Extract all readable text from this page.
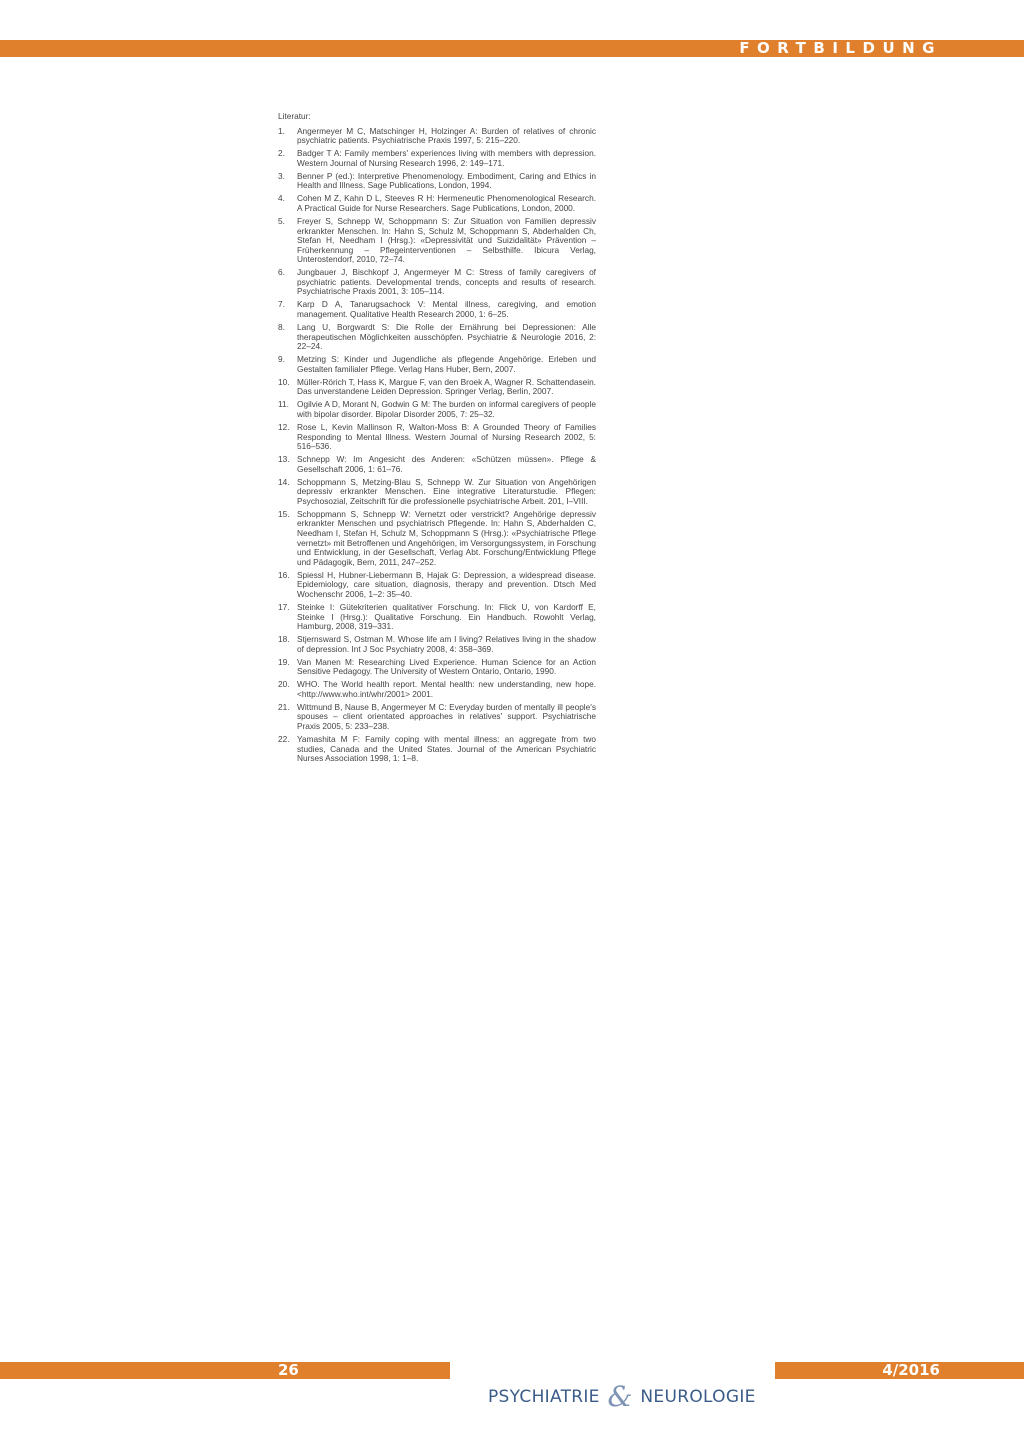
FORTBILDUNG
Literatur:
1.	Angermeyer M C, Matschinger H, Holzinger A: Burden of relatives of chronic psychiatric patients. Psychiatrische Praxis 1997, 5: 215–220.
2.	Badger T A: Family members' experiences living with members with depression. Western Journal of Nursing Research 1996, 2: 149–171.
3.	Benner P (ed.): Interpretive Phenomenology. Embodiment, Caring and Ethics in Health and Illness. Sage Publications, London, 1994.
4.	Cohen M Z, Kahn D L, Steeves R H: Hermeneutic Phenomenological Research. A Practical Guide for Nurse Researchers. Sage Publications, London, 2000.
5.	Freyer S, Schnepp W, Schoppmann S: Zur Situation von Familien depressiv erkrankter Menschen. In: Hahn S, Schulz M, Schoppmann S, Abderhalden Ch, Stefan H, Needham I (Hrsg.): «Depressivität und Suizidalität» Prävention – Früherkennung – Pflegeinterventionen – Selbsthilfe. Ibicura Verlag, Unterostendorf, 2010, 72–74.
6.	Jungbauer J, Bischkopf J, Angermeyer M C: Stress of family caregivers of psychiatric patients. Developmental trends, concepts and results of research. Psychiatrische Praxis 2001, 3: 105–114.
7.	Karp D A, Tanarugsachock V: Mental illness, caregiving, and emotion management. Qualitative Health Research 2000, 1: 6–25.
8.	Lang U, Borgwardt S: Die Rolle der Ernährung bei Depressionen: Alle therapeutischen Möglichkeiten ausschöpfen. Psychiatrie & Neurologie 2016, 2: 22–24.
9.	Metzing S: Kinder und Jugendliche als pflegende Angehörige. Erleben und Gestalten familialer Pflege. Verlag Hans Huber, Bern, 2007.
10. Müller-Rörich T, Hass K, Margue F, van den Broek A, Wagner R. Schattendasein. Das unverstandene Leiden Depression. Springer Verlag, Berlin, 2007.
11. Ogilvie A D, Morant N, Godwin G M: The burden on informal caregivers of people with bipolar disorder. Bipolar Disorder 2005, 7: 25–32.
12. Rose L, Kevin Mallinson R, Walton-Moss B: A Grounded Theory of Families Responding to Mental Illness. Western Journal of Nursing Research 2002, 5: 516–536.
13. Schnepp W: Im Angesicht des Anderen: «Schützen müssen». Pflege & Gesellschaft 2006, 1: 61–76.
14. Schoppmann S, Metzing-Blau S, Schnepp W. Zur Situation von Angehörigen depressiv erkrankter Menschen. Eine integrative Literaturstudie. Pflegen: Psychosozial, Zeitschrift für die professionelle psychiatrische Arbeit. 201, I–VIII.
15. Schoppmann S, Schnepp W: Vernetzt oder verstrickt? Angehörige depressiv erkrankter Menschen und psychiatrisch Pflegende. In: Hahn S, Abderhalden C, Needham I, Stefan H, Schulz M, Schoppmann S (Hrsg.): «Psychiatrische Pflege vernetzt» mit Betroffenen und Angehörigen, im Versorgungssystem, in Forschung und Entwicklung, in der Gesellschaft, Verlag Abt. Forschung/Entwicklung Pflege und Pädagogik, Bern, 2011, 247–252.
16. Spiessl H, Hubner-Liebermann B, Hajak G: Depression, a widespread disease. Epidemiology, care situation, diagnosis, therapy and prevention. Dtsch Med Wochenschr 2006, 1–2: 35–40.
17. Steinke I: Gütekriterien qualitativer Forschung. In: Flick U, von Kardorff E, Steinke I (Hrsg.): Qualitative Forschung. Ein Handbuch. Rowohlt Verlag, Hamburg, 2008, 319–331.
18. Stjernsward S, Ostman M. Whose life am I living? Relatives living in the shadow of depression. Int J Soc Psychiatry 2008, 4: 358–369.
19. Van Manen M: Researching Lived Experience. Human Science for an Action Sensitive Pedagogy. The University of Western Ontario, Ontario, 1990.
20. WHO. The World health report. Mental health: new understanding, new hope. <http://www.who.int/whr/2001> 2001.
21. Wittmund B, Nause B, Angermeyer M C: Everyday burden of mentally ill people's spouses – client orientated approaches in relatives' support. Psychiatrische Praxis 2005, 5: 233–238.
22. Yamashita M F: Family coping with mental illness: an aggregate from two studies, Canada and the United States. Journal of the American Psychiatric Nurses Association 1998, 1: 1–8.
26	4/2016
PSYCHIATRIE & NEUROLOGIE
